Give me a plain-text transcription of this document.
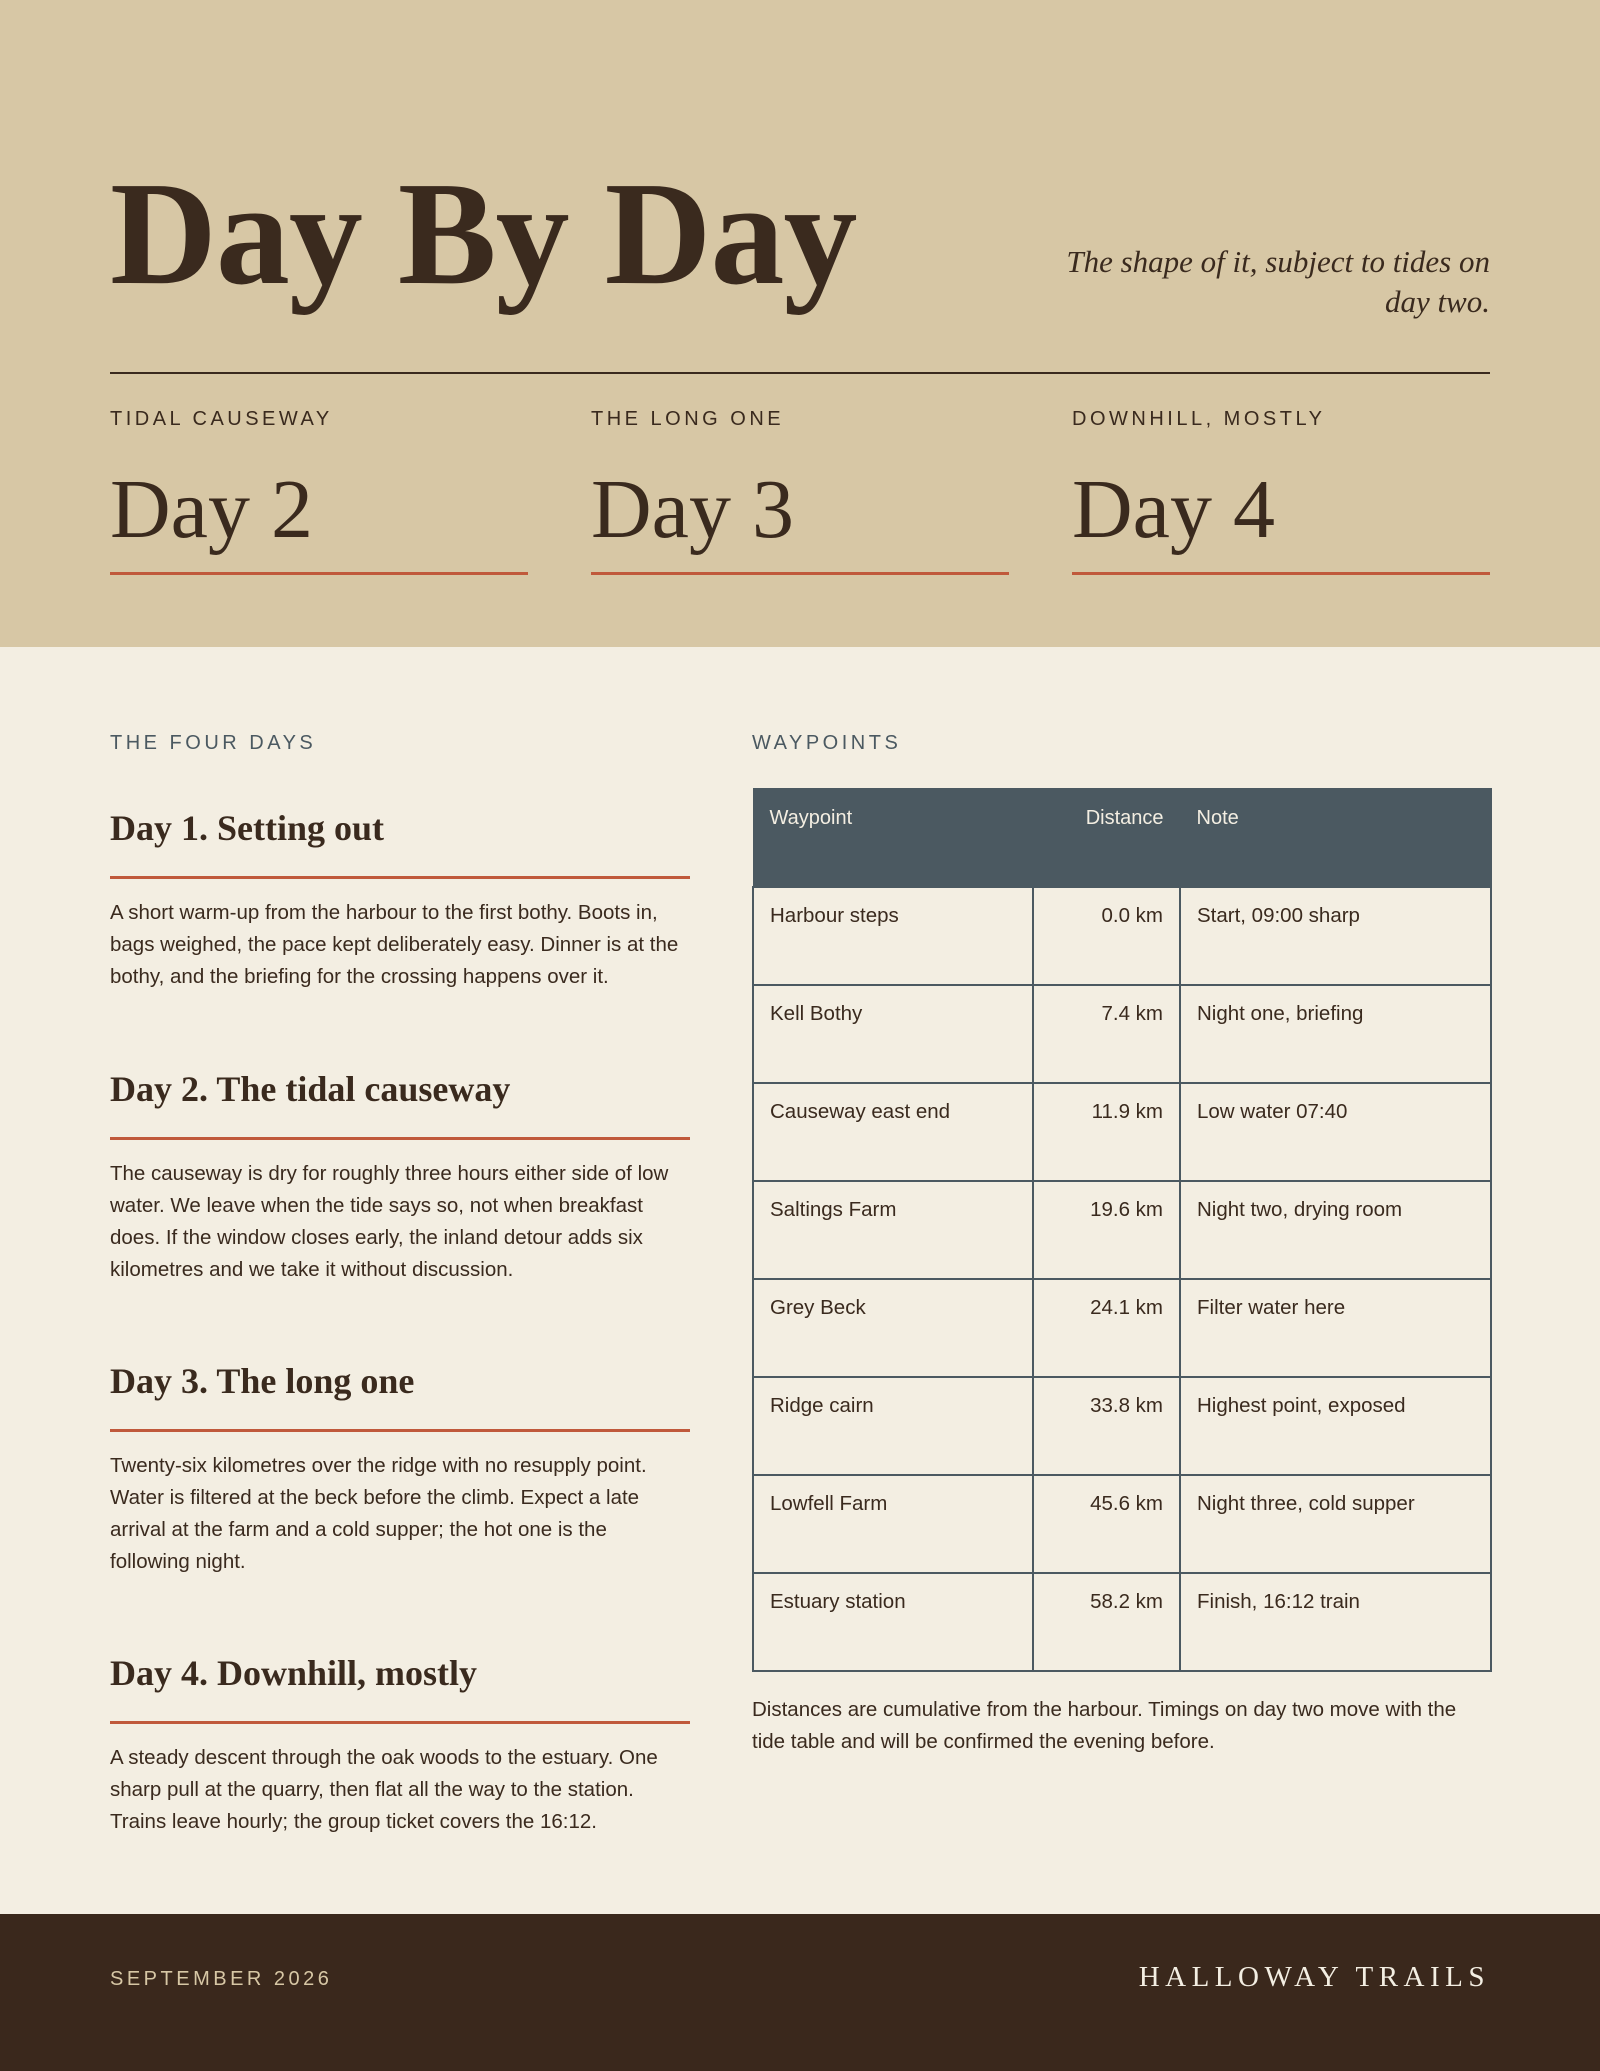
Day By Day	The shape of it, subject to tides on day two.

TIDAL CAUSEWAY
Day 2
THE LONG ONE
Day 3
DOWNHILL, MOSTLY
Day 4
THE FOUR DAYS
Day 1. Setting out

A short warm-up from the harbour to the first bothy. Boots in, bags weighed, the pace kept deliberately easy. Dinner is at the bothy, and the briefing for the crossing happens over it.

Day 2. The tidal causeway

The causeway is dry for roughly three hours either side of low water. We leave when the tide says so, not when breakfast does. If the window closes early, the inland detour adds six kilometres and we take it without discussion.

Day 3. The long one

Twenty-six kilometres over the ridge with no resupply point. Water is filtered at the beck before the climb. Expect a late arrival at the farm and a cold supper; the hot one is the following night.

Day 4. Downhill, mostly

A steady descent through the oak woods to the estuary. One sharp pull at the quarry, then flat all the way to the station. Trains leave hourly; the group ticket covers the 16:12.

WAYPOINTS
Waypoint	Distance	Note
Harbour steps	0.0 km	Start, 09:00 sharp
Kell Bothy	7.4 km	Night one, briefing
Causeway east end	11.9 km	Low water 07:40
Saltings Farm	19.6 km	Night two, drying room
Grey Beck	24.1 km	Filter water here
Ridge cairn	33.8 km	Highest point, exposed
Lowfell Farm	45.6 km	Night three, cold supper
Estuary station	58.2 km	Finish, 16:12 train

Distances are cumulative from the harbour. Timings on day two move with the tide table and will be confirmed the evening before.

SEPTEMBER 2026	HALLOWAY TRAILS
